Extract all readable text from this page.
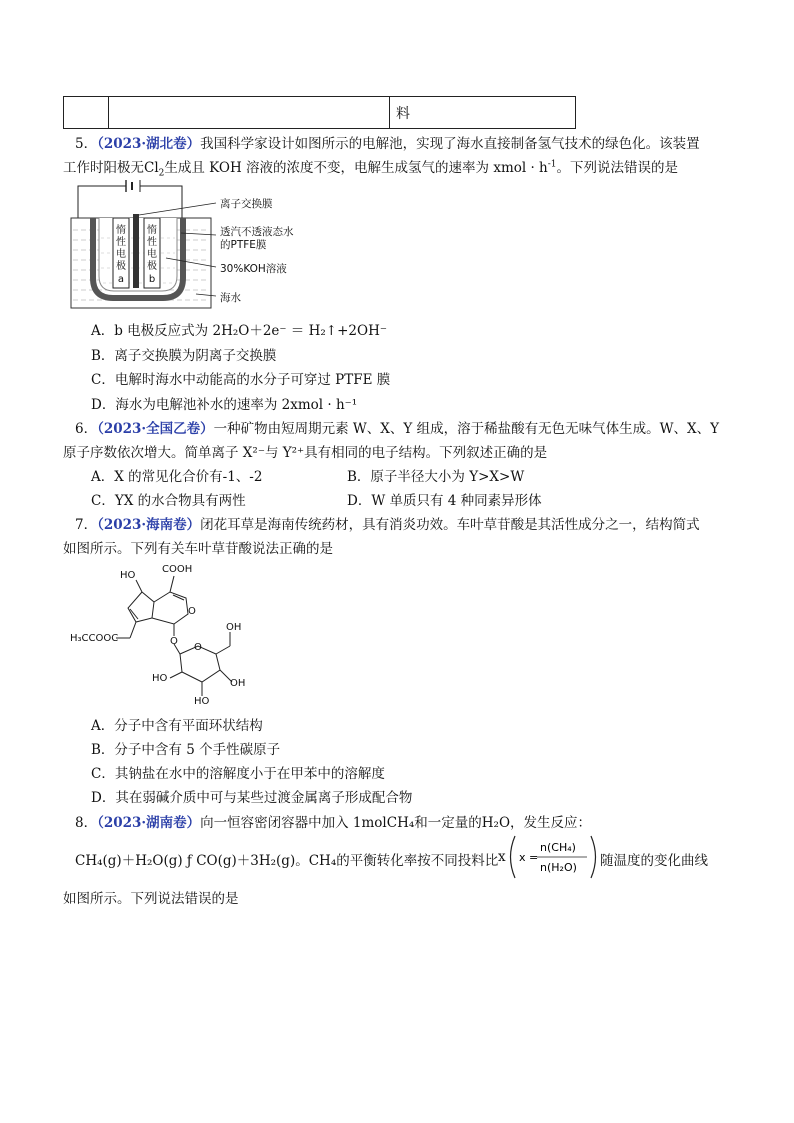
		料
5．（2023·湖北卷）我国科学家设计如图所示的电解池，实现了海水直接制备氢气技术的绿色化。该装置
工作时阳极无$Cl_2$生成且 KOH 溶液的浓度不变，电解生成氢气的速率为 xmol · $h^{-1}$。下列说法错误的是
惰
性
电
极
a
惰
性
电
极
b
离子交换膜
透汽不透液态水
的PTFE膜
30%KOH溶液
海水
A．b 电极反应式为 2H₂O＋2e⁻ ＝ H₂↑+2OH⁻
B．离子交换膜为阴离子交换膜
C．电解时海水中动能高的水分子可穿过 PTFE 膜
D．海水为电解池补水的速率为 2xmol · h⁻¹
6．（2023·全国乙卷）一种矿物由短周期元素 W、X、Y 组成，溶于稀盐酸有无色无味气体生成。W、X、Y
原子序数依次增大。简单离子 X²⁻与 Y²⁺具有相同的电子结构。下列叙述正确的是
A．X 的常见化合价有-1、-2	B．原子半径大小为 Y>X>W
C．YX 的水合物具有两性	D．W 单质只有 4 种同素异形体
7．（2023·海南卷）闭花耳草是海南传统药材，具有消炎功效。车叶草苷酸是其活性成分之一，结构简式
如图所示。下列有关车叶草苷酸说法正确的是
COOH
HO
O
H₃CCOOC	O
O
OH
HO	OH
HO
A．分子中含有平面环状结构
B．分子中含有 5 个手性碳原子
C．其钠盐在水中的溶解度小于在甲苯中的溶解度
D．其在弱碱介质中可与某些过渡金属离子形成配合物
8．（2023·湖南卷）向一恒容密闭容器中加入 1molCH₄和一定量的H₂O，发生反应：
CH₄(g)＋H₂O(g) ƒ CO(g)＋3H₂(g)。CH₄的平衡转化率按不同投料比 x x =
n(CH₄)
n(H₂O) 随温度的变化曲线
如图所示。下列说法错误的是
